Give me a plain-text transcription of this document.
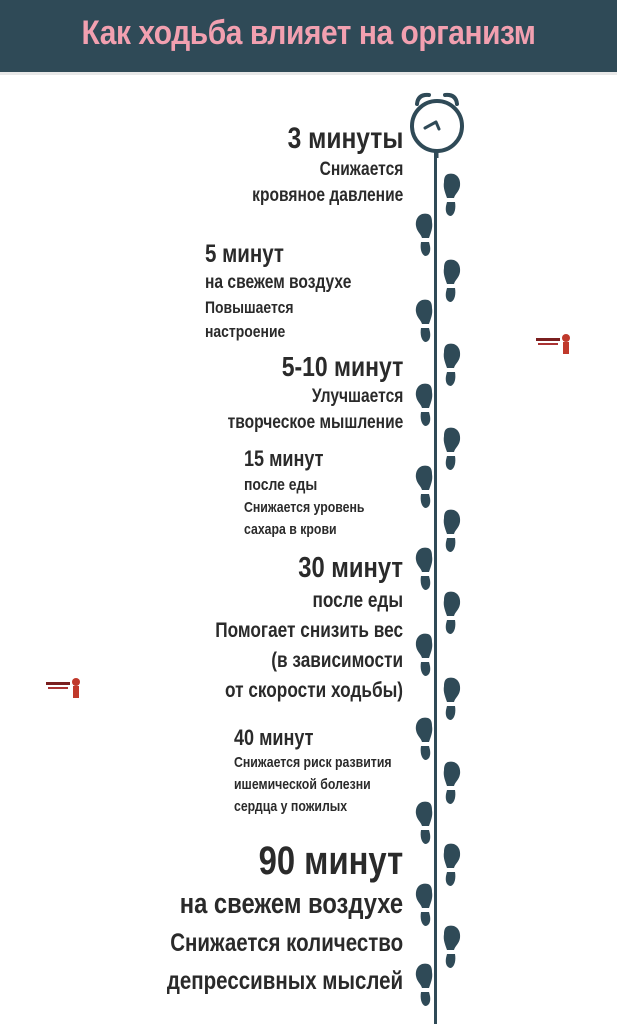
Как ходьба влияет на организм
3 минуты
Снижается
кровяное давление
5 минут
на свежем воздухе
Повышается
настроение
5-10 минут
Улучшается
творческое мышление
15 минут
после еды
Снижается уровень
сахара в крови
30 минут
после еды
Помогает снизить вес
(в зависимости
от скорости ходьбы)
40 минут
Снижается риск развития
ишемической болезни
сердца у пожилых
90 минут
на свежем воздухе
Снижается количество
депрессивных мыслей
